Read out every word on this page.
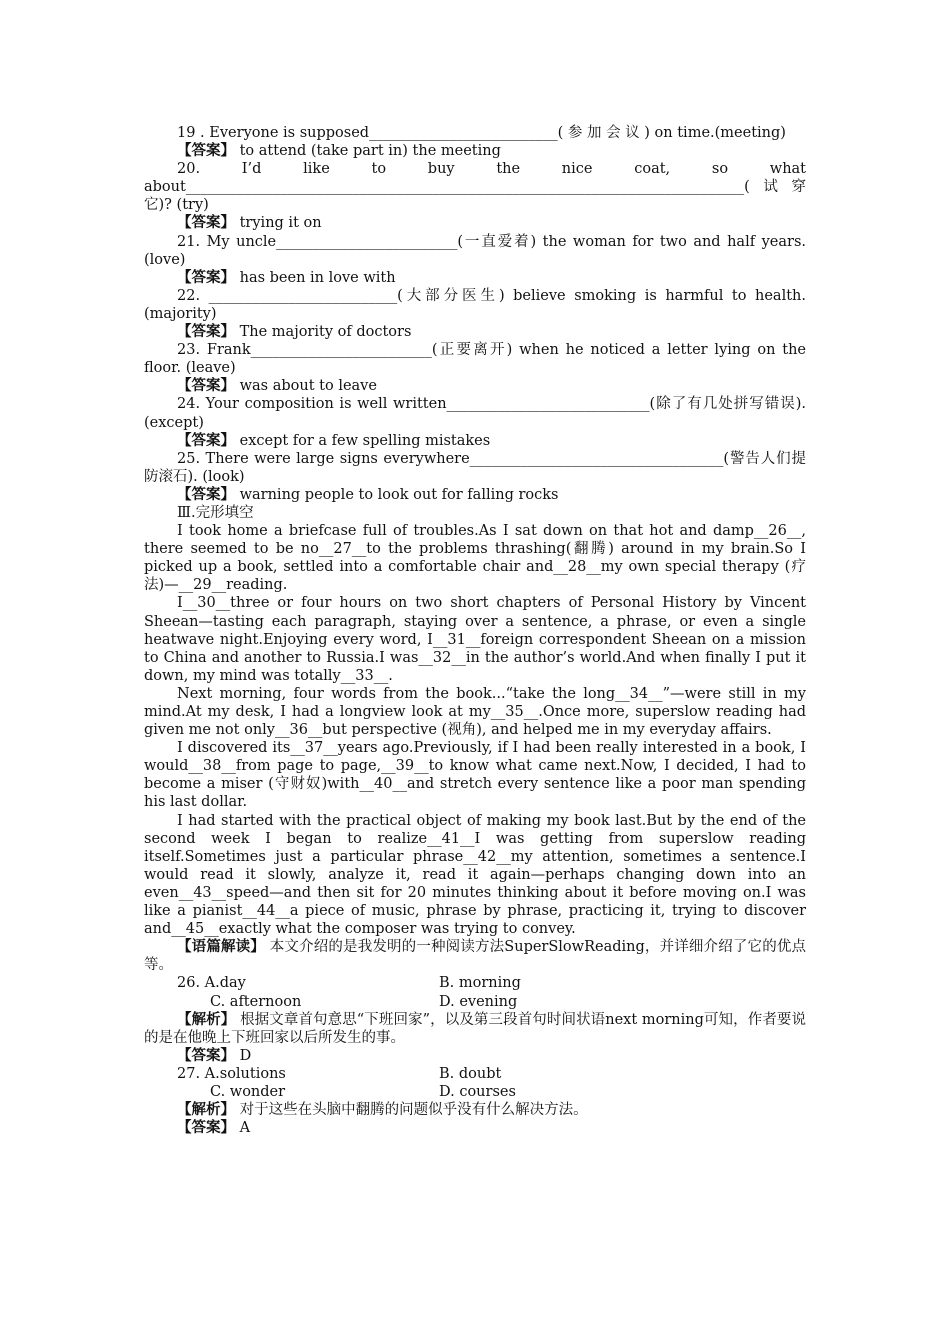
19 . Everyone is supposed__________________________( 参 加 会 议 ) on time.(meeting)

【答案】 to attend (take part in) the meeting

20. I’d like to buy the nice coat, so what about_____________________________________________________________________________(试穿它)? (try)

【答案】 trying it on

21. My uncle_________________________(一直爱着) the woman for two and half years. (love)

【答案】 has been in love with

22. __________________________(大部分医生) believe smoking is harmful to health. (majority)

【答案】 The majority of doctors

23. Frank_________________________(正要离开) when he noticed a letter lying on the floor. (leave)

【答案】 was about to leave

24. Your composition is well written____________________________(除了有几处拼写错误). (except)

【答案】 except for a few spelling mistakes

25. There were large signs everywhere___________________________________(警告人们提防滚石). (look)

【答案】 warning people to look out for falling rocks

Ⅲ.完形填空

I took home a briefcase full of troubles.As I sat down on that hot and damp__26__, there seemed to be no__27__to the problems thrashing(翻腾) around in my brain.So I picked up a book, settled into a comfortable chair and__28__my own special therapy (疗法)—__29__reading.

I__30__three or four hours on two short chapters of Personal History by Vincent Sheean—tasting each paragraph, staying over a sentence, a phrase, or even a single heatwave night.Enjoying every word, I__31__foreign correspondent Sheean on a mission to China and another to Russia.I was__32__in the author’s world.And when finally I put it down, my mind was totally__33__.

Next morning, four words from the book...“take the long__34__”—were still in my mind.At my desk, I had a longview look at my__35__.Once more, superslow reading had given me not only__36__but perspective (视角), and helped me in my everyday affairs.

I discovered its__37__years ago.Previously, if I had been really interested in a book, I would__38__from page to page,__39__to know what came next.Now, I decided, I had to become a miser (守财奴)with__40__and stretch every sentence like a poor man spending his last dollar.

I had started with the practical object of making my book last.But by the end of the second week I began to realize__41__I was getting from superslow reading itself.Sometimes just a particular phrase__42__my attention, sometimes a sentence.I would read it slowly, analyze it, read it again—perhaps changing down into an even__43__speed—and then sit for 20 minutes thinking about it before moving on.I was like a pianist__44__a piece of music, phrase by phrase, practicing it, trying to discover and__45__exactly what the composer was trying to convey.

【语篇解读】 本文介绍的是我发明的一种阅读方法SuperSlowReading，并详细介绍了它的优点等。

26. A.day	B. morning
C. afternoon	D. evening

【解析】 根据文章首句意思“下班回家”，以及第三段首句时间状语next morning可知，作者要说的是在他晚上下班回家以后所发生的事。

【答案】 D

27. A.solutions	B. doubt
C. wonder	D. courses

【解析】 对于这些在头脑中翻腾的问题似乎没有什么解决方法。

【答案】 A
